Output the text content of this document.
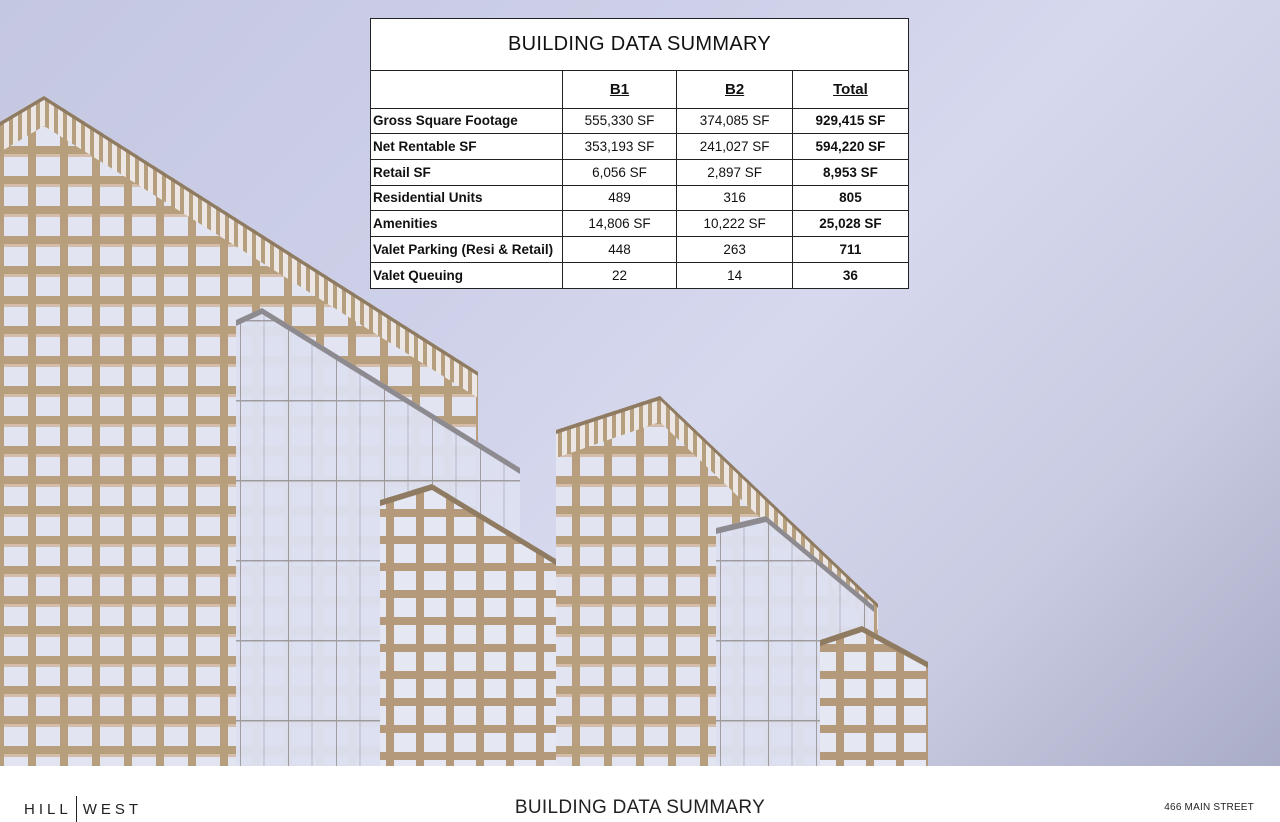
BUILDING DATA SUMMARY
	B1	B2	Total
Gross Square Footage	555,330 SF	374,085 SF	929,415 SF
Net Rentable SF	353,193 SF	241,027 SF	594,220 SF
Retail SF	6,056 SF	2,897 SF	8,953 SF
Residential Units	489	316	805
Amenities	14,806 SF	10,222 SF	25,028 SF
Valet Parking (Resi & Retail)	448	263	711
Valet Queuing	22	14	36
HILL WEST	BUILDING DATA SUMMARY	466 MAIN STREET
